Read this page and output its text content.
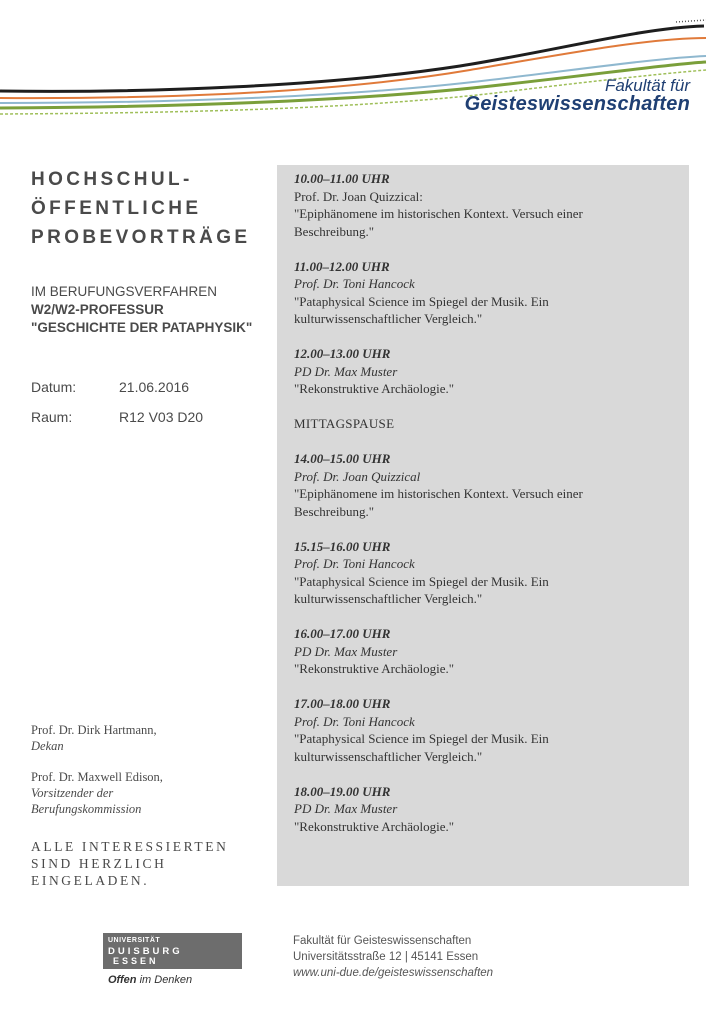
Fakultät für
Geisteswissenschaften
HOCHSCHUL-
ÖFFENTLICHE
PROBEVORTRÄGE
IM BERUFUNGSVERFAHREN
W2/W2-PROFESSUR
"GESCHICHTE DER PATAPHYSIK"
Datum:	21.06.2016
Raum:	R12 V03 D20
Prof. Dr. Dirk Hartmann,
Dekan
Prof. Dr. Maxwell Edison,
Vorsitzender der
Berufungskommission
ALLE INTERESSIERTEN
SIND HERZLICH
EINGELADEN.
10.00–11.00 UHR
Prof. Dr. Joan Quizzical:
"Epiphänomene im historischen Kontext. Versuch einer
Beschreibung."
11.00–12.00 UHR
Prof. Dr. Toni Hancock
"Pataphysical Science im Spiegel der Musik. Ein
kulturwissenschaftlicher Vergleich."
12.00–13.00 UHR
PD Dr. Max Muster
"Rekonstruktive Archäologie."
MITTAGSPAUSE
14.00–15.00 UHR
Prof. Dr. Joan Quizzical
"Epiphänomene im historischen Kontext. Versuch einer
Beschreibung."
15.15–16.00 UHR
Prof. Dr. Toni Hancock
"Pataphysical Science im Spiegel der Musik. Ein
kulturwissenschaftlicher Vergleich."
16.00–17.00 UHR
PD Dr. Max Muster
"Rekonstruktive Archäologie."
17.00–18.00 UHR
Prof. Dr. Toni Hancock
"Pataphysical Science im Spiegel der Musik. Ein
kulturwissenschaftlicher Vergleich."
18.00–19.00 UHR
PD Dr. Max Muster
"Rekonstruktive Archäologie."
UNIVERSITÄT
DUISBURG
ESSEN
Offen im Denken
Fakultät für Geisteswissenschaften
Universitätsstraße 12 | 45141 Essen
www.uni-due.de/geisteswissenschaften
